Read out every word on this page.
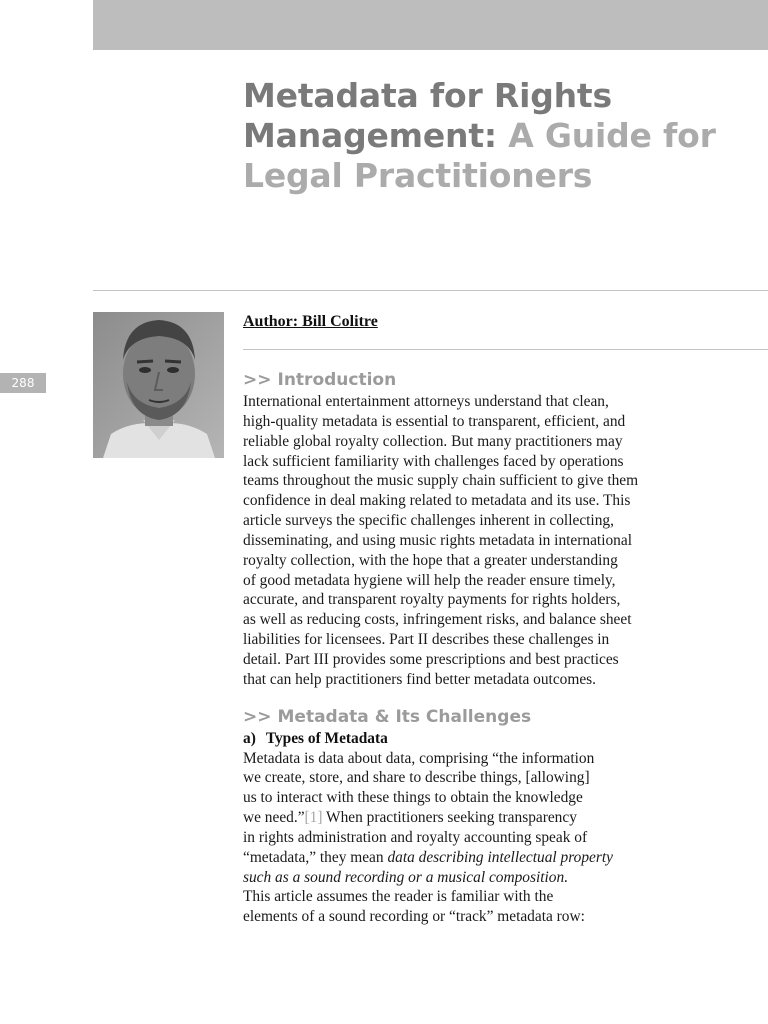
Metadata for Rights Management: A Guide for Legal Practitioners
Author: Bill Colitre
288	>> Introduction

International entertainment attorneys understand that clean,
high-quality metadata is essential to transparent, efficient, and
reliable global royalty collection. But many practitioners may
lack sufficient familiarity with challenges faced by operations
teams throughout the music supply chain sufficient to give them
confidence in deal making related to metadata and its use. This
article surveys the specific challenges inherent in collecting,
disseminating, and using music rights metadata in international
royalty collection, with the hope that a greater understanding
of good metadata hygiene will help the reader ensure timely,
accurate, and transparent royalty payments for rights holders,
as well as reducing costs, infringement risks, and balance sheet
liabilities for licensees. Part II describes these challenges in
detail. Part III provides some prescriptions and best practices
that can help practitioners find better metadata outcomes.

>> Metadata & Its Challenges

a) Types of Metadata

Metadata is data about data, comprising “the information
we create, store, and share to describe things, [allowing]
us to interact with these things to obtain the knowledge
we need.”[1] When practitioners seeking transparency
in rights administration and royalty accounting speak of
“metadata,” they mean data describing intellectual property
such as a sound recording or a musical composition.
This article assumes the reader is familiar with the
elements of a sound recording or “track” metadata row:
